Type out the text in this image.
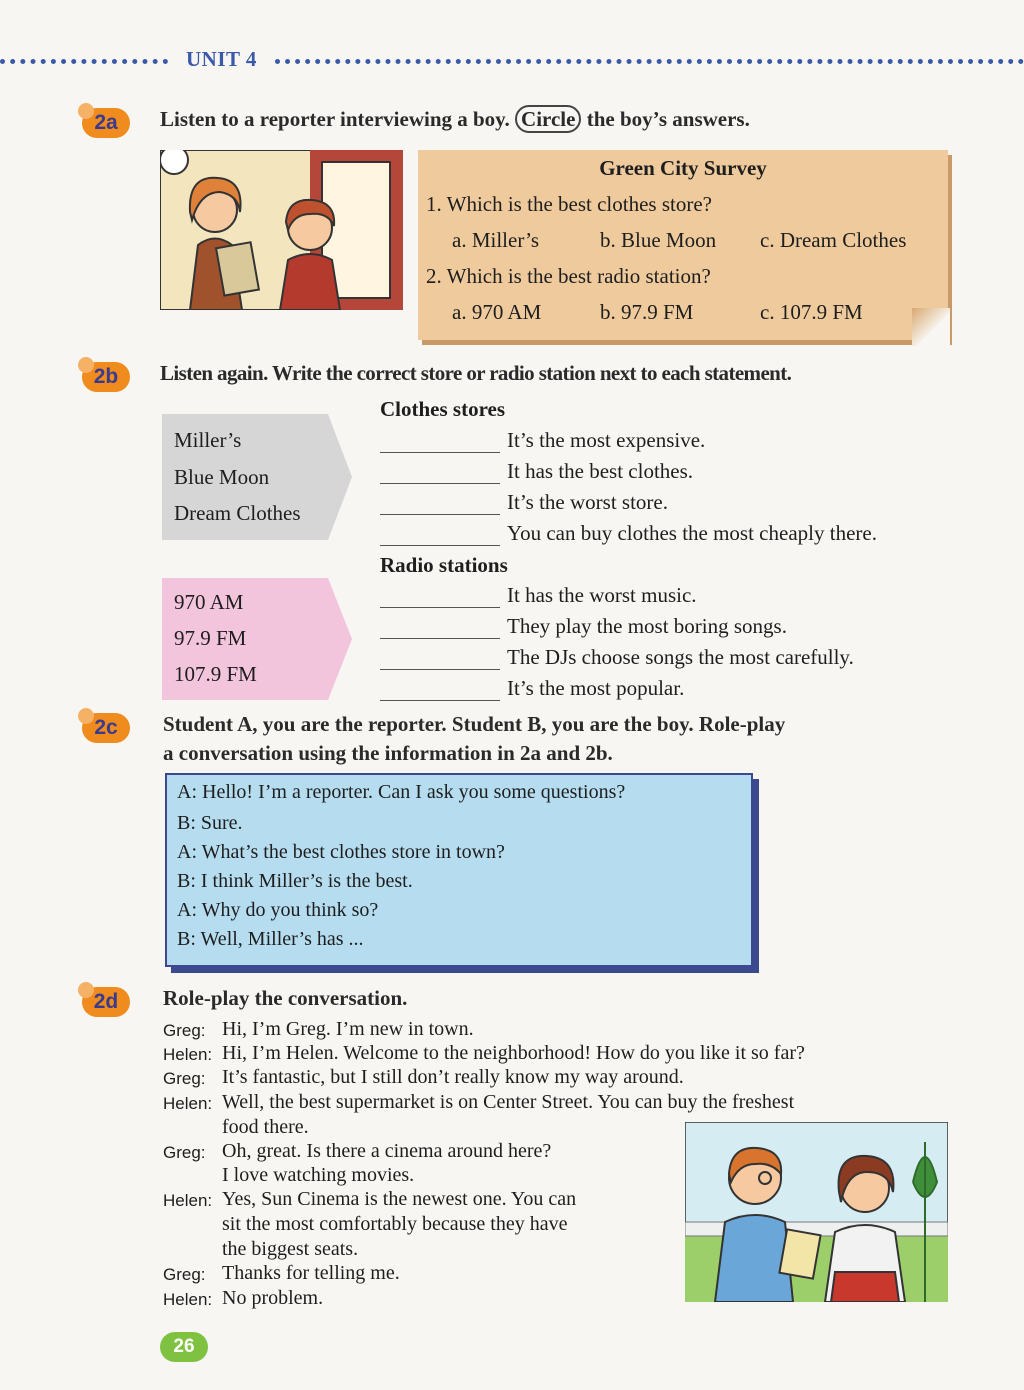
UNIT 4
2a	Listen to a reporter interviewing a boy. Circle the boy’s answers.
Green City Survey
1. Which is the best clothes store?
a. Miller’s	b. Blue Moon c. Dream Clothes
2. Which is the best radio station?
a. 970 AM	b. 97.9 FM	c. 107.9 FM
2b	Listen again. Write the correct store or radio station next to each statement.
Miller’s
Blue Moon
Dream Clothes
970 AM
97.9 FM
107.9 FM
Clothes stores
It’s the most expensive.
It has the best clothes.
It’s the worst store.
You can buy clothes the most cheaply there.
Radio stations
It has the worst music.
They play the most boring songs.
The DJs choose songs the most carefully.
It’s the most popular.
2c	Student A, you are the reporter. Student B, you are the boy. Role-play
a conversation using the information in 2a and 2b.
A: Hello! I’m a reporter. Can I ask you some questions?
B: Sure.
A: What’s the best clothes store in town?
B: I think Miller’s is the best.
A: Why do you think so?
B: Well, Miller’s has ...
2d	Role-play the conversation.
Greg: Hi, I’m Greg. I’m new in town.
Helen: Hi, I’m Helen. Welcome to the neighborhood! How do you like it so far?
Greg: It’s fantastic, but I still don’t really know my way around.
Helen: Well, the best supermarket is on Center Street. You can buy the freshest
food there.
Greg: Oh, great. Is there a cinema around here?
I love watching movies.
Helen: Yes, Sun Cinema is the newest one. You can
sit the most comfortably because they have
the biggest seats.
Greg: Thanks for telling me.
Helen: No problem.
26
